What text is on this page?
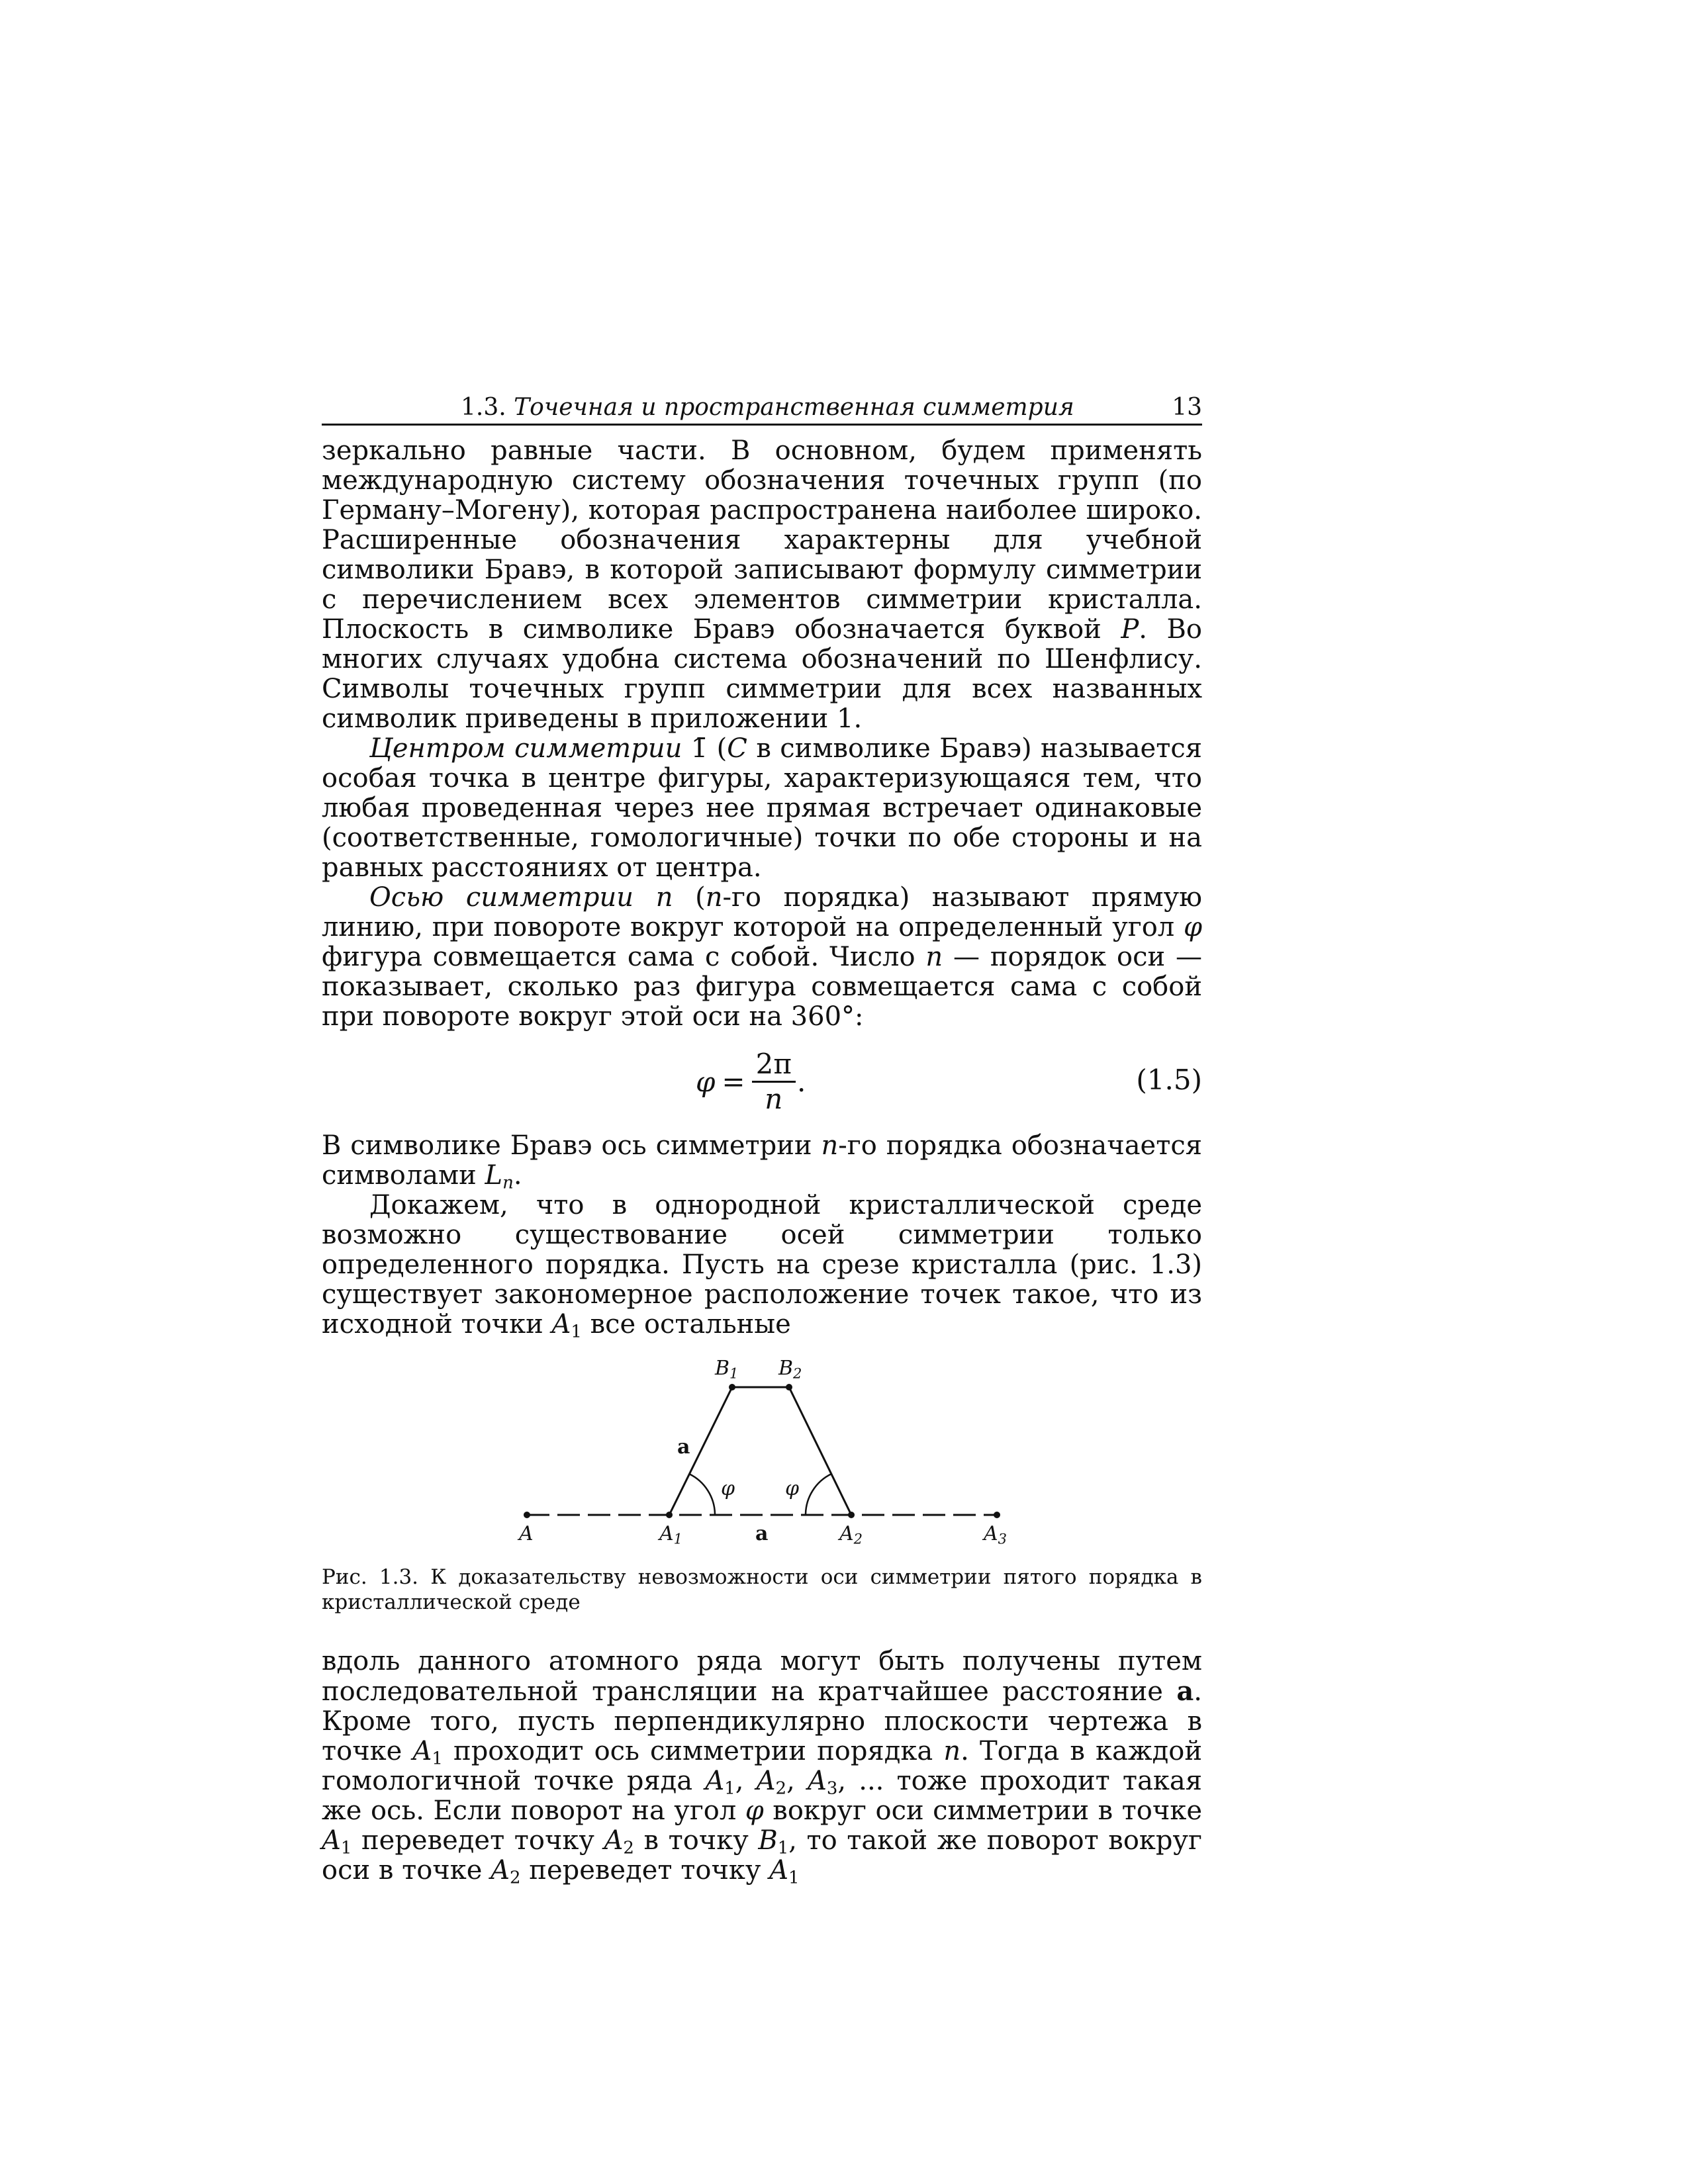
1.3. Точечная и пространственная симметрия	13

зеркально равные части. В основном, будем применять международную систему обозначения точечных групп (по Герману–Могену), которая распространена наиболее широко. Расширенные обозначения характерны для учебной символики Бравэ, в которой записывают формулу симметрии с перечислением всех элементов симметрии кристалла. Плоскость в символике Бравэ обозначается буквой P. Во многих случаях удобна система обозначений по Шенфлису. Символы точечных групп симметрии для всех названных символик приведены в приложении 1.

Центром симметрии 1̄ (C в символике Бравэ) называется особая точка в центре фигуры, характеризующаяся тем, что любая проведенная через нее прямая встречает одинаковые (соответственные, гомологичные) точки по обе стороны и на равных расстояниях от центра.

Осью симметрии n (n-го порядка) называют прямую линию, при повороте вокруг которой на определенный угол φ фигура совмещается сама с собой. Число n — порядок оси — показывает, сколько раз фигура совмещается сама с собой при повороте вокруг этой оси на 360°:

$\varphi = \frac{2\pi}{n}$ .	(1.5)

В символике Бравэ ось симметрии n-го порядка обозначается символами $L_n$.

Докажем, что в однородной кристаллической среде возможно существование осей симметрии только определенного порядка. Пусть на срезе кристалла (рис. 1.3) существует закономерное расположение точек такое, что из исходной точки $A_1$ все остальные

$B_1$ $B_2$
a
φ	φ
A	$A_1$	a	$A_2$	$A_3$
Рис. 1.3. К доказательству невозможности оси симметрии пятого порядка в кристаллической среде

вдоль данного атомного ряда могут быть получены путем последовательной трансляции на кратчайшее расстояние a. Кроме того, пусть перпендикулярно плоскости чертежа в точке $A_1$ проходит ось симметрии порядка n. Тогда в каждой гомологичной точке ряда $A_1$, $A_2$, $A_3$, ... тоже проходит такая же ось. Если поворот на угол φ вокруг оси симметрии в точке $A_1$ переведет точку $A_2$ в точку $B_1$, то такой же поворот вокруг оси в точке $A_2$ переведет точку $A_1$
